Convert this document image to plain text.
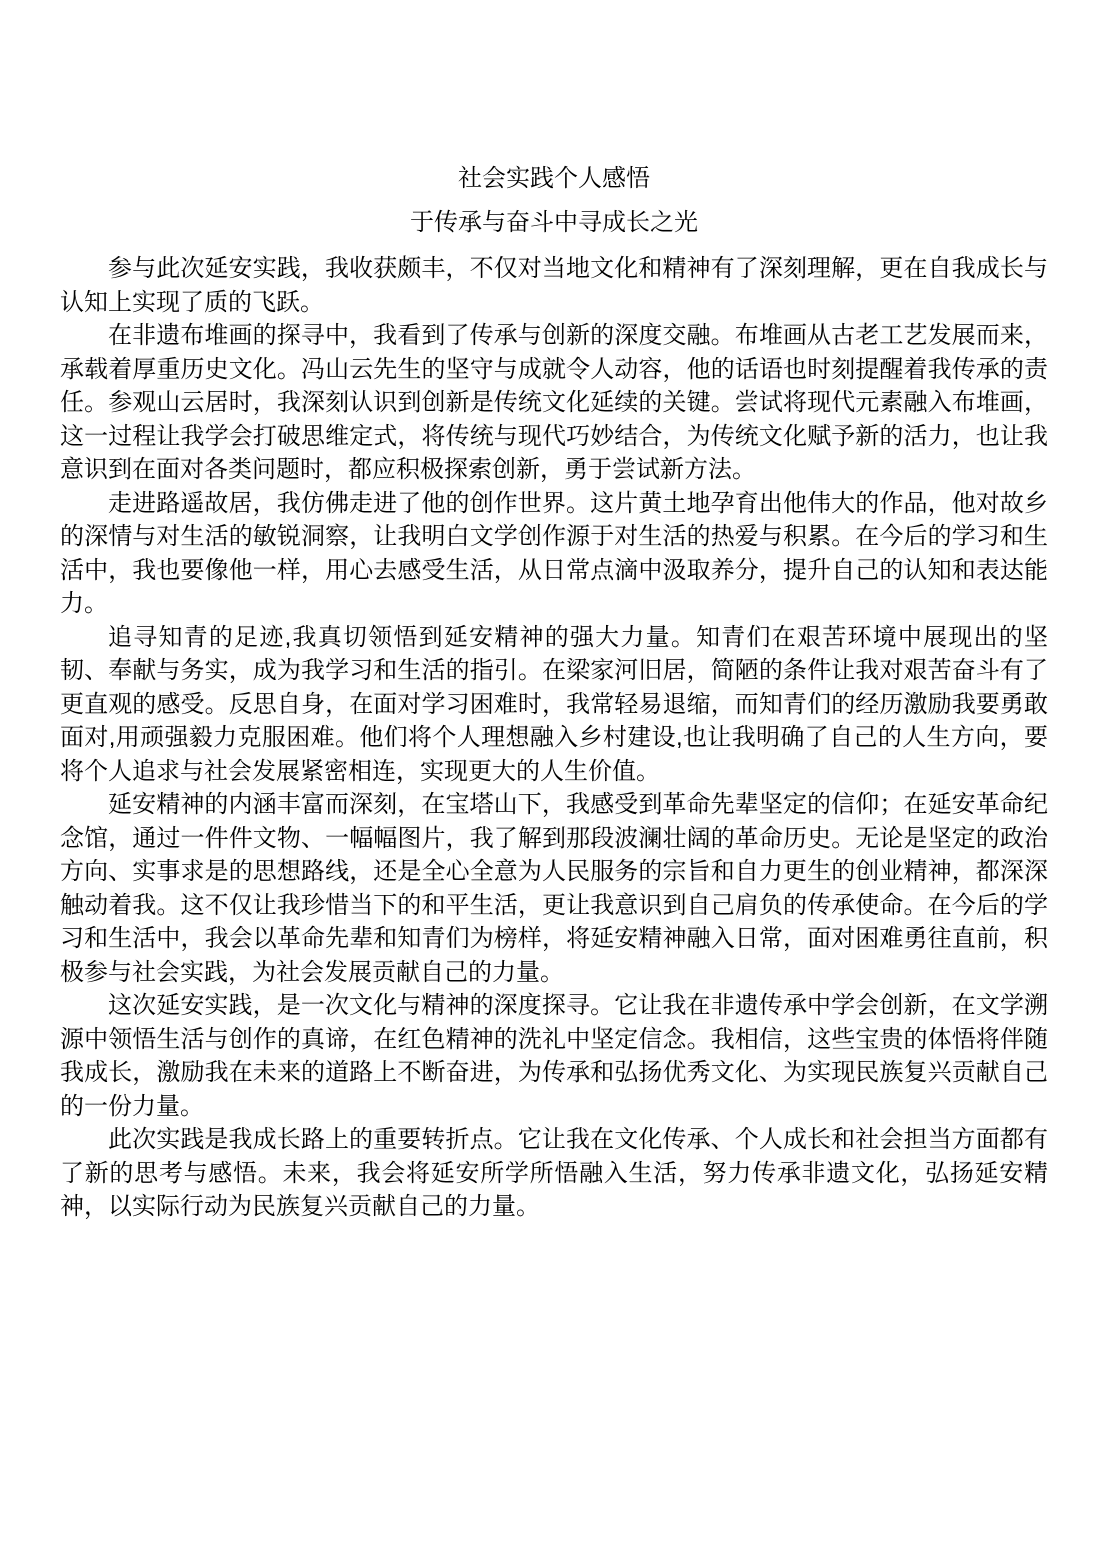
社会实践个人感悟
于传承与奋斗中寻成长之光

参与此次延安实践，我收获颇丰，不仅对当地文化和精神有了深刻理解，更在自我成长与认知上实现了质的飞跃。

在非遗布堆画的探寻中，我看到了传承与创新的深度交融。布堆画从古老工艺发展而来，承载着厚重历史文化。冯山云先生的坚守与成就令人动容，他的话语也时刻提醒着我传承的责任。参观山云居时，我深刻认识到创新是传统文化延续的关键。尝试将现代元素融入布堆画，这一过程让我学会打破思维定式，将传统与现代巧妙结合，为传统文化赋予新的活力，也让我意识到在面对各类问题时，都应积极探索创新，勇于尝试新方法。

走进路遥故居，我仿佛走进了他的创作世界。这片黄土地孕育出他伟大的作品，他对故乡的深情与对生活的敏锐洞察，让我明白文学创作源于对生活的热爱与积累。在今后的学习和生活中，我也要像他一样，用心去感受生活，从日常点滴中汲取养分，提升自己的认知和表达能力。

追寻知青的足迹,我真切领悟到延安精神的强大力量。知青们在艰苦环境中展现出的坚韧、奉献与务实，成为我学习和生活的指引。在梁家河旧居，简陋的条件让我对艰苦奋斗有了更直观的感受。反思自身，在面对学习困难时，我常轻易退缩，而知青们的经历激励我要勇敢面对,用顽强毅力克服困难。他们将个人理想融入乡村建设,也让我明确了自己的人生方向，要将个人追求与社会发展紧密相连，实现更大的人生价值。

延安精神的内涵丰富而深刻，在宝塔山下，我感受到革命先辈坚定的信仰；在延安革命纪念馆，通过一件件文物、一幅幅图片，我了解到那段波澜壮阔的革命历史。无论是坚定的政治方向、实事求是的思想路线，还是全心全意为人民服务的宗旨和自力更生的创业精神，都深深触动着我。这不仅让我珍惜当下的和平生活，更让我意识到自己肩负的传承使命。在今后的学习和生活中，我会以革命先辈和知青们为榜样，将延安精神融入日常，面对困难勇往直前，积极参与社会实践，为社会发展贡献自己的力量。

这次延安实践，是一次文化与精神的深度探寻。它让我在非遗传承中学会创新，在文学溯源中领悟生活与创作的真谛，在红色精神的洗礼中坚定信念。我相信，这些宝贵的体悟将伴随我成长，激励我在未来的道路上不断奋进，为传承和弘扬优秀文化、为实现民族复兴贡献自己的一份力量。

此次实践是我成长路上的重要转折点。它让我在文化传承、个人成长和社会担当方面都有了新的思考与感悟。未来，我会将延安所学所悟融入生活，努力传承非遗文化，弘扬延安精神，以实际行动为民族复兴贡献自己的力量。
